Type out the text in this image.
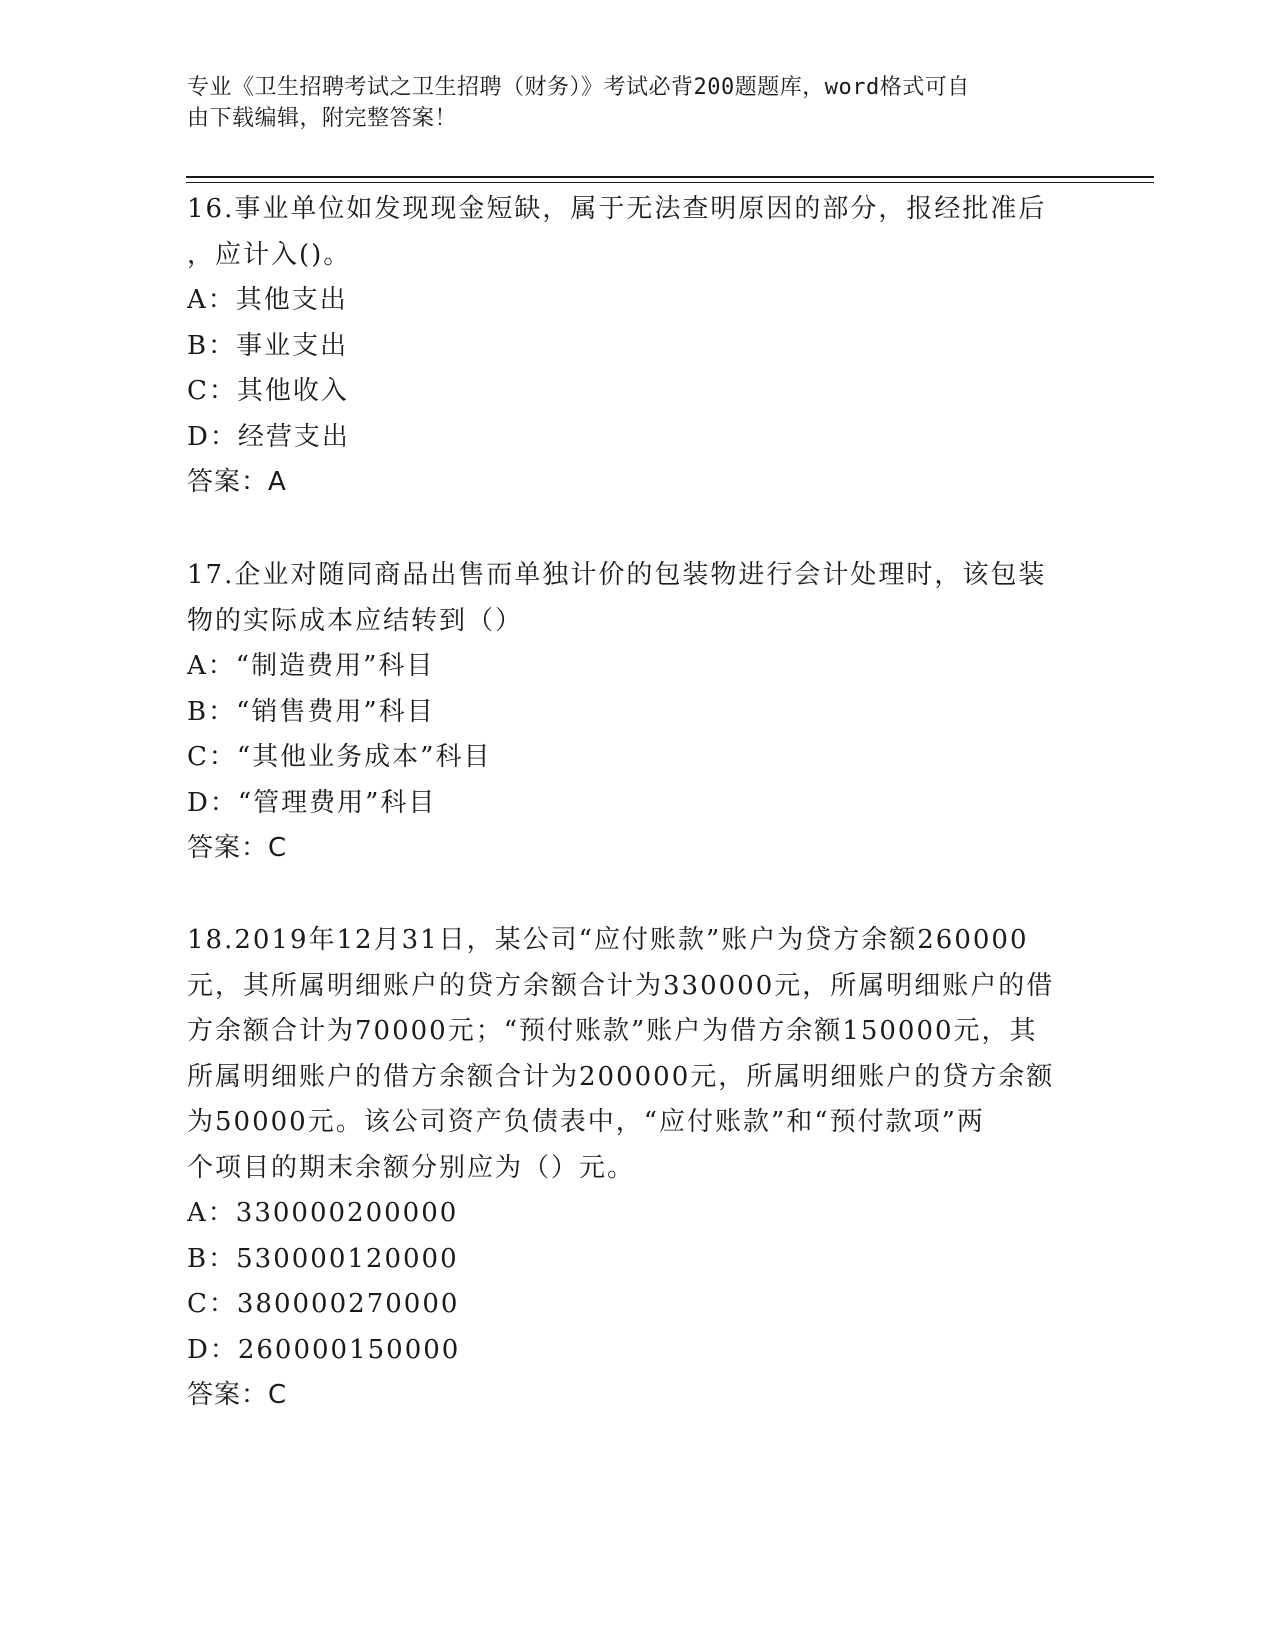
专业《卫生招聘考试之卫生招聘（财务）》考试必背200题题库，word格式可自
由下载编辑，附完整答案！
16.事业单位如发现现金短缺，属于无法查明原因的部分，报经批准后
，应计入()。
A：其他支出
B：事业支出
C：其他收入
D：经营支出
答案：A
17.企业对随同商品出售而单独计价的包装物进行会计处理时，该包装
物的实际成本应结转到（）
A：“制造费用”科目
B：“销售费用”科目
C：“其他业务成本”科目
D：“管理费用”科目
答案：C
18.2019年12月31日，某公司“应付账款”账户为贷方余额260000
元，其所属明细账户的贷方余额合计为330000元，所属明细账户的借
方余额合计为70000元；“预付账款”账户为借方余额150000元，其
所属明细账户的借方余额合计为200000元，所属明细账户的贷方余额
为50000元。该公司资产负债表中，“应付账款”和“预付款项”两
个项目的期末余额分别应为（）元。
A：330000200000
B：530000120000
C：380000270000
D：260000150000
答案：C
